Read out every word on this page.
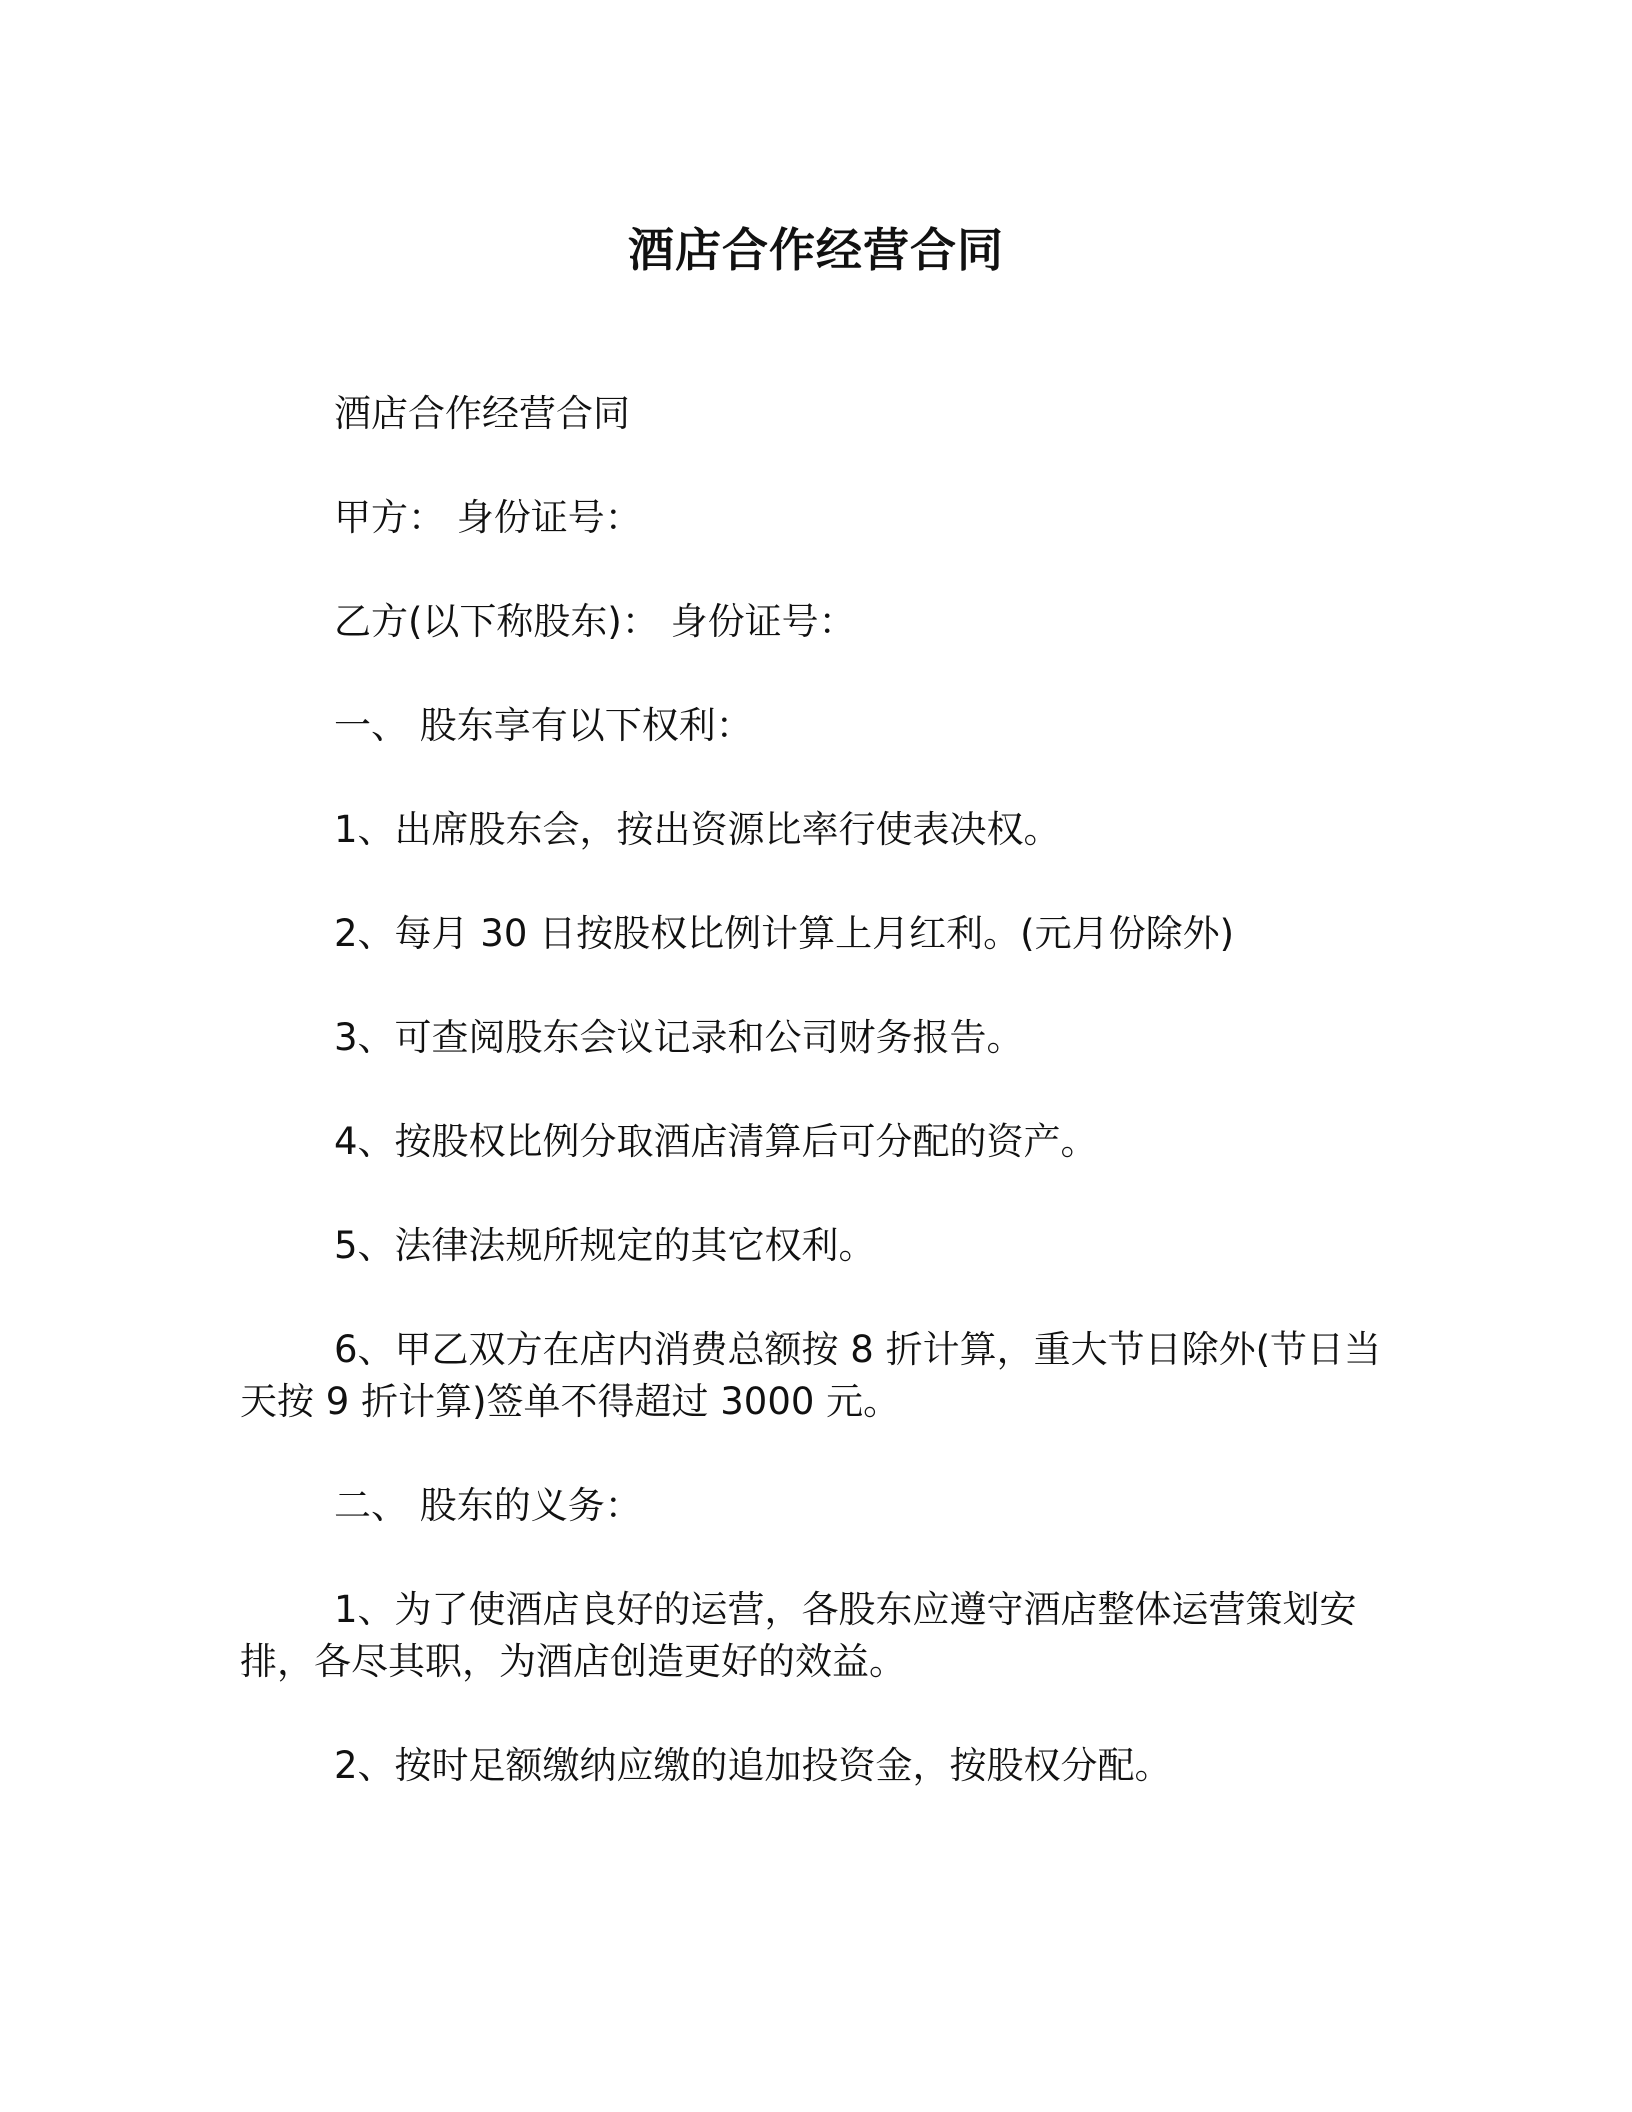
酒店合作经营合同

酒店合作经营合同

甲方： 身份证号：

乙方(以下称股东)： 身份证号：

一、 股东享有以下权利：

1、出席股东会，按出资源比率行使表决权。

2、每月 30 日按股权比例计算上月红利。(元月份除外)

3、可查阅股东会议记录和公司财务报告。

4、按股权比例分取酒店清算后可分配的资产。

5、法律法规所规定的其它权利。

6、甲乙双方在店内消费总额按 8 折计算，重大节日除外(节日当天按 9 折计算)签单不得超过 3000 元。

二、 股东的义务：

1、为了使酒店良好的运营，各股东应遵守酒店整体运营策划安排，各尽其职，为酒店创造更好的效益。

2、按时足额缴纳应缴的追加投资金，按股权分配。
